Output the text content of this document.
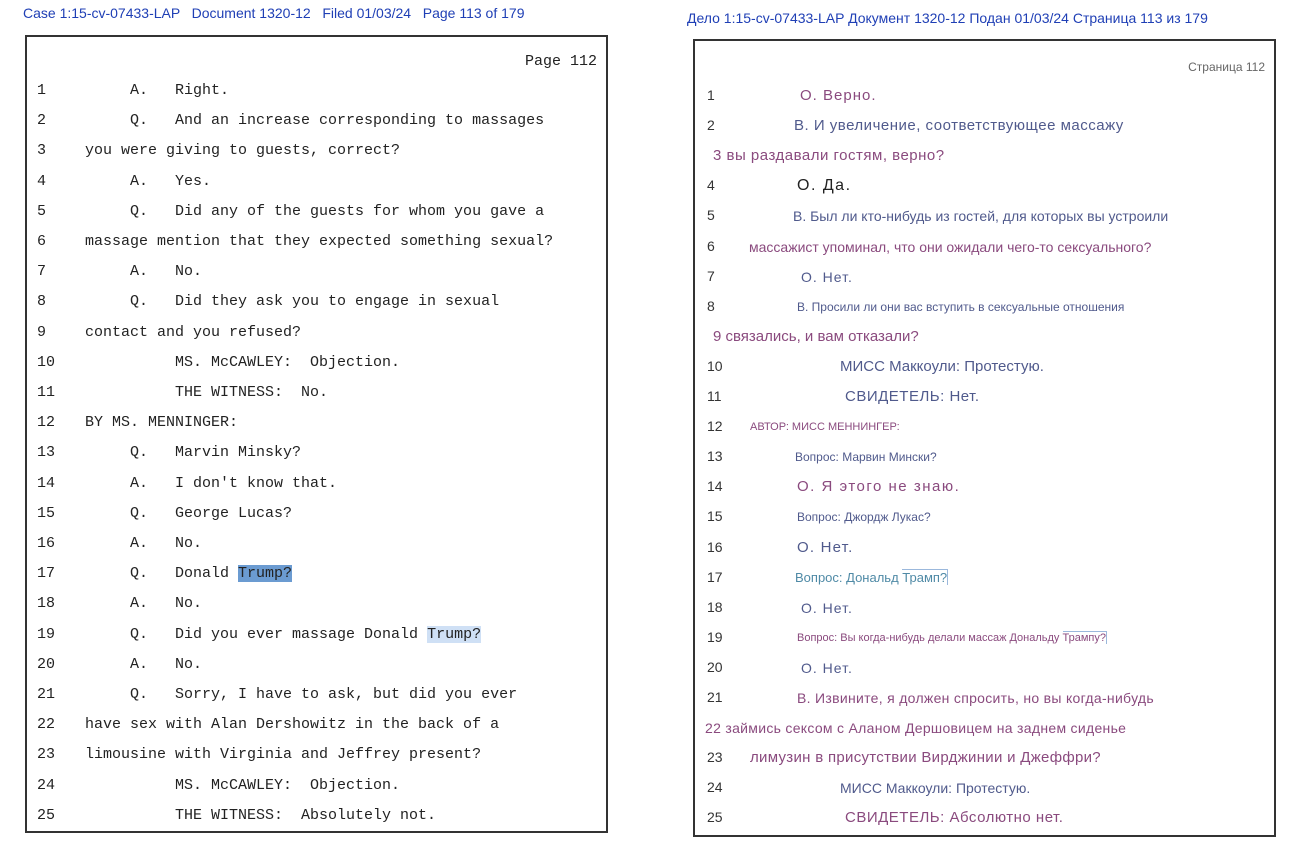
Case 1:15-cv-07433-LAP   Document 1320-12   Filed 01/03/24   Page 113 of 179	Дело 1:15-cv-07433-LAP Документ 1320-12 Подан 01/03/24 Страница 113 из 179
Page 112
1	A.   Right.
2	Q.   And an increase corresponding to massages
3	you were giving to guests, correct?
4	A.   Yes.
5	Q.   Did any of the guests for whom you gave a
6	massage mention that they expected something sexual?
7	A.   No.
8	Q.   Did they ask you to engage in sexual
9	contact and you refused?
10 MS. McCAWLEY:  Objection.
11 THE WITNESS:  No.
12 BY MS. MENNINGER:
13 Q.   Marvin Minsky?
14 A.   I don't know that.
15 Q.   George Lucas?
16 A.   No.
17 Q.   Donald Trump?
18 A.   No.
19 Q.   Did you ever massage Donald Trump?
20 A.   No.
21 Q.   Sorry, I have to ask, but did you ever
22 have sex with Alan Dershowitz in the back of a
23 limousine with Virginia and Jeffrey present?
24 MS. McCAWLEY:  Objection.
25 THE WITNESS:  Absolutely not.
Страница 112
1	О. Верно.
2	В. И увеличение, соответствующее массажу
3 вы раздавали гостям, верно?
4	О. Да.
5	В. Был ли кто-нибудь из гостей, для которых вы устроили
6 массажист упоминал, что они ожидали чего-то сексуального?
7	О. Нет.
8	В. Просили ли они вас вступить в сексуальные отношения
9 связались, и вам отказали?
10	МИСС Маккоули: Протестую.
11	СВИДЕТЕЛЬ: Нет.
12 АВТОР: МИСС МЕННИНГЕР:
13	Вопрос: Марвин Мински?
14	О. Я этого не знаю.
15	Вопрос: Джордж Лукас?
16	О. Нет.
17	Вопрос: Дональд Трамп?
18	О. Нет.
19	Вопрос: Вы когда-нибудь делали массаж Дональду Трампу?
20	О. Нет.
21	В. Извините, я должен спросить, но вы когда-нибудь
22 займись сексом с Аланом Дершовицем на заднем сиденье
23 лимузин в присутствии Вирджинии и Джеффри?
24	МИСС Маккоули: Протестую.
25	СВИДЕТЕЛЬ: Абсолютно нет.
